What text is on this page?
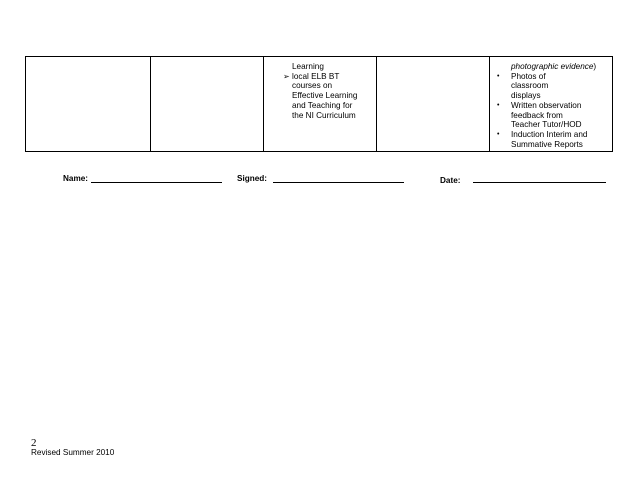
Learning
➢ local ELB BT
courses on
Effective Learning
and Teaching for
the NI Curriculum
photographic evidence)
• Photos of
classroom
displays
• Written observation
feedback from
Teacher Tutor/HOD
• Induction Interim and
Summative Reports
Name:	Signed:	Date:
2
Revised Summer 2010
